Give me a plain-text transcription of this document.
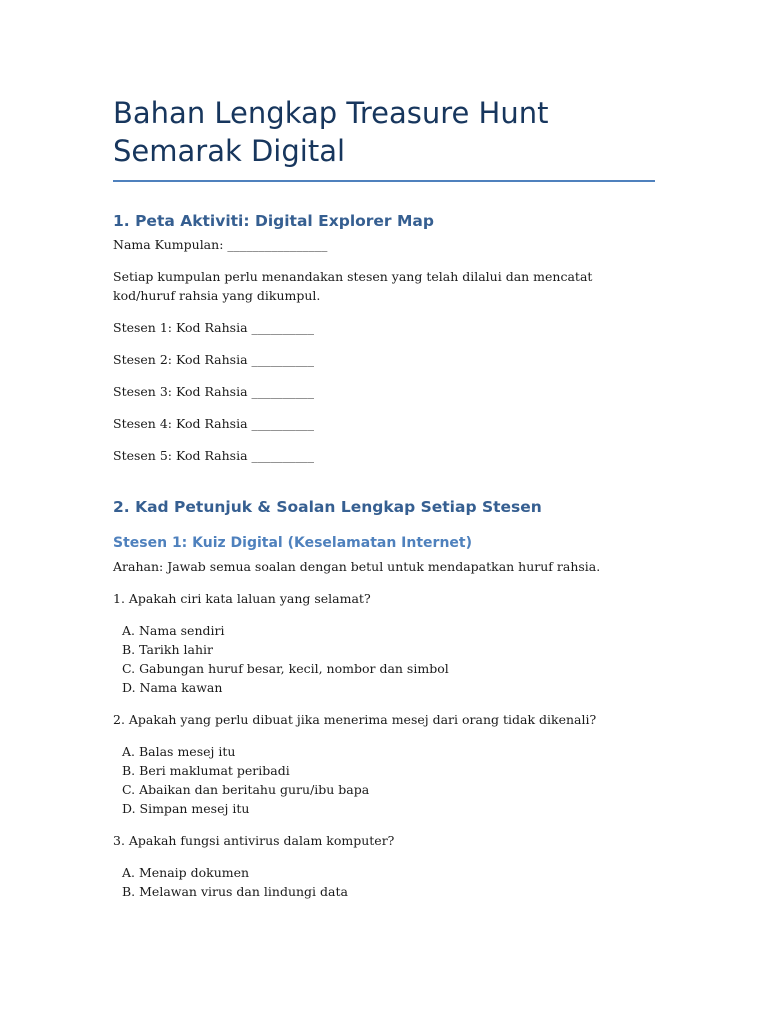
Bahan Lengkap Treasure Hunt Semarak Digital
1. Peta Aktiviti: Digital Explorer Map

Nama Kumpulan: ________________

Setiap kumpulan perlu menandakan stesen yang telah dilalui dan mencatat kod/huruf rahsia yang dikumpul.

Stesen 1: Kod Rahsia __________

Stesen 2: Kod Rahsia __________

Stesen 3: Kod Rahsia __________

Stesen 4: Kod Rahsia __________

Stesen 5: Kod Rahsia __________

2. Kad Petunjuk & Soalan Lengkap Setiap Stesen
Stesen 1: Kuiz Digital (Keselamatan Internet)

Arahan: Jawab semua soalan dengan betul untuk mendapatkan huruf rahsia.

1. Apakah ciri kata laluan yang selamat?

A. Nama sendiri
B. Tarikh lahir
C. Gabungan huruf besar, kecil, nombor dan simbol
D. Nama kawan

2. Apakah yang perlu dibuat jika menerima mesej dari orang tidak dikenali?

A. Balas mesej itu
B. Beri maklumat peribadi
C. Abaikan dan beritahu guru/ibu bapa
D. Simpan mesej itu

3. Apakah fungsi antivirus dalam komputer?

A. Menaip dokumen
B. Melawan virus dan lindungi data
